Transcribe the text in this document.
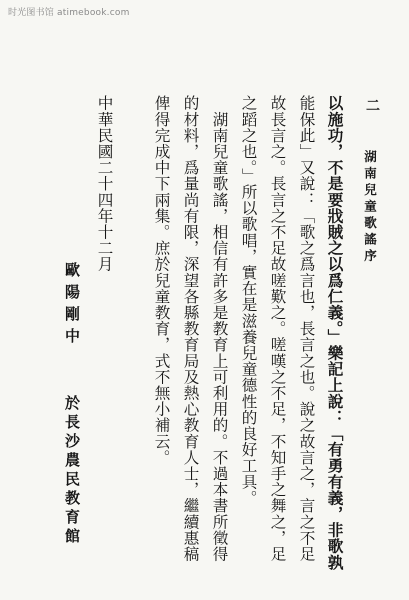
时光图书馆 atimebook.com
湖南兒童歌謠序
二
以施功，不是要戕賊之以爲仁義。」樂記上說：「有勇有義，非歌孰
能保此」又說：「歌之爲言也，長言之也。說之故言之，言之不足
故長言之。長言之不足故嗟歎之。嗟嘆之不足，不知手之舞之，足
之蹈之也。」所以歌唱，實在是滋養兒童德性的良好工具。
　湖南兒童歌謠，相信有許多是教育上可利用的。不過本書所徵得
的材料，爲量尚有限，深望各縣教育局及熱心教育人士，繼續惠稿
俾得完成中下兩集。庶於兒童教育，式不無小補云。
中華民國二十四年十二月
歐陽剛中
於長沙農民教育館
